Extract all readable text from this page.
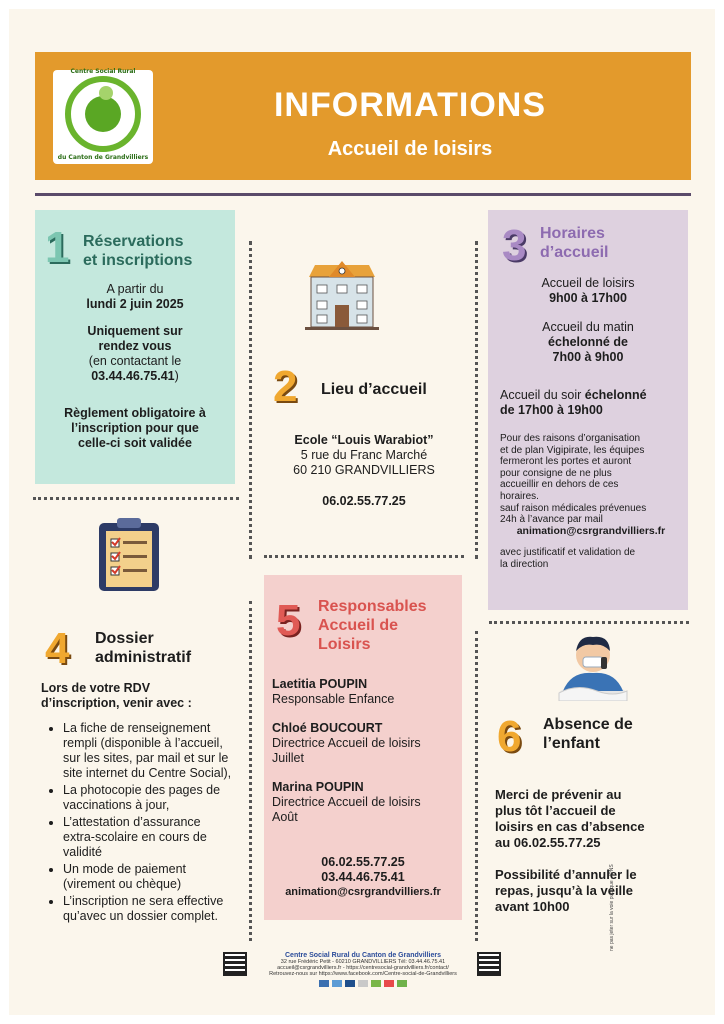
Centre Social Rural
du Canton de Grandvilliers
INFORMATIONS
Accueil de loisirs
1 Réservations
et inscriptions
A partir du
lundi 2 juin 2025
Uniquement sur
rendez vous
(en contactant le
03.44.46.75.41)
Règlement obligatoire à
l’inscription pour que
celle-ci soit validée
2 Lieu d’accueil
Ecole “Louis Warabiot”
5 rue du Franc Marché
60 210 GRANDVILLIERS
06.02.55.77.25
3 Horaires
d’accueil
Accueil de loisirs
9h00 à 17h00
Accueil du matin
échelonné de
7h00 à 9h00
Accueil du soir échelonné
de 17h00 à 19h00
Pour des raisons d’organisation
et de plan Vigipirate, les équipes
fermeront les portes et auront
pour consigne de ne plus
accueillir en dehors de ces
horaires.
sauf raison médicales prévenues
24h à l’avance par mail
animation@csrgrandvilliers.fr
avec justificatif et validation de
la direction
4 Dossier
administratif
Lors de votre RDV
d’inscription, venir avec :
• La fiche de renseignement rempli (disponible à l’accueil, sur les sites, par mail et sur le site internet du Centre Social),
• La photocopie des pages de vaccinations à jour,
• L’attestation d’assurance extra-scolaire en cours de validité
• Un mode de paiement (virement ou chèque)
• L’inscription ne sera effective qu’avec un dossier complet.
5 Responsables
Accueil de
Loisirs
Laetitia POUPIN
Responsable Enfance
Chloé BOUCOURT
Directrice Accueil de loisirs
Juillet
Marina POUPIN
Directrice Accueil de loisirs
Août
06.02.55.77.25
03.44.46.75.41
animation@csrgrandvilliers.fr
6 Absence de
l’enfant
Merci de prévenir au
plus tôt l’accueil de
loisirs en cas d’absence
au 06.02.55.77.25
Possibilité d’annuler le
repas, jusqu’à la veille
avant 10h00
Centre Social Rural du Canton de Grandvilliers
32 rue Frédéric Petit - 60210 GRANDVILLIERS Tél: 03.44.46.75.41
accueil@csrgrandvilliers.fr - https://centresocial-grandvilliers.fr/contact/
Retrouvez-nous sur https://www.facebook.com/Centre-social-de-Grandvilliers
ne pas jeter sur la voie publique - IPNS
